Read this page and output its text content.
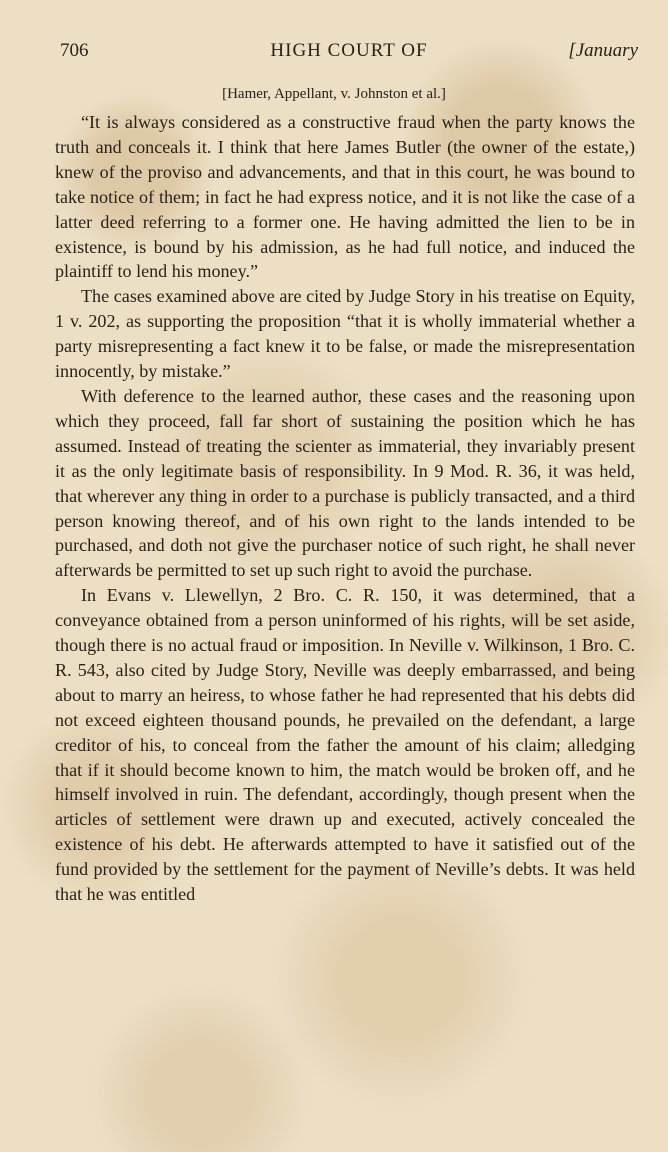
706	HIGH COURT OF	[January
[Hamer, Appellant, v. Johnston et al.]

“It is always considered as a constructive fraud when the party knows the truth and conceals it. I think that here James Butler (the owner of the estate,) knew of the proviso and advancements, and that in this court, he was bound to take notice of them; in fact he had express notice, and it is not like the case of a latter deed referring to a former one. He having admitted the lien to be in existence, is bound by his admission, as he had full notice, and induced the plaintiff to lend his money.”

The cases examined above are cited by Judge Story in his treatise on Equity, 1 v. 202, as supporting the proposition “that it is wholly immaterial whether a party misrepresenting a fact knew it to be false, or made the misrepresentation innocently, by mistake.”

With deference to the learned author, these cases and the reasoning upon which they proceed, fall far short of sustaining the position which he has assumed. Instead of treating the scienter as immaterial, they invariably present it as the only legitimate basis of responsibility. In 9 Mod. R. 36, it was held, that wherever any thing in order to a purchase is publicly transacted, and a third person knowing thereof, and of his own right to the lands intended to be purchased, and doth not give the purchaser notice of such right, he shall never afterwards be permitted to set up such right to avoid the purchase.

In Evans v. Llewellyn, 2 Bro. C. R. 150, it was determined, that a conveyance obtained from a person uninformed of his rights, will be set aside, though there is no actual fraud or imposition. In Neville v. Wilkinson, 1 Bro. C. R. 543, also cited by Judge Story, Neville was deeply embarrassed, and being about to marry an heiress, to whose father he had represented that his debts did not exceed eighteen thousand pounds, he prevailed on the defendant, a large creditor of his, to conceal from the father the amount of his claim; alledging that if it should become known to him, the match would be broken off, and he himself involved in ruin. The defendant, accordingly, though present when the articles of settlement were drawn up and executed, actively concealed the existence of his debt. He afterwards attempted to have it satisfied out of the fund provided by the settlement for the payment of Neville’s debts. It was held that he was entitled
